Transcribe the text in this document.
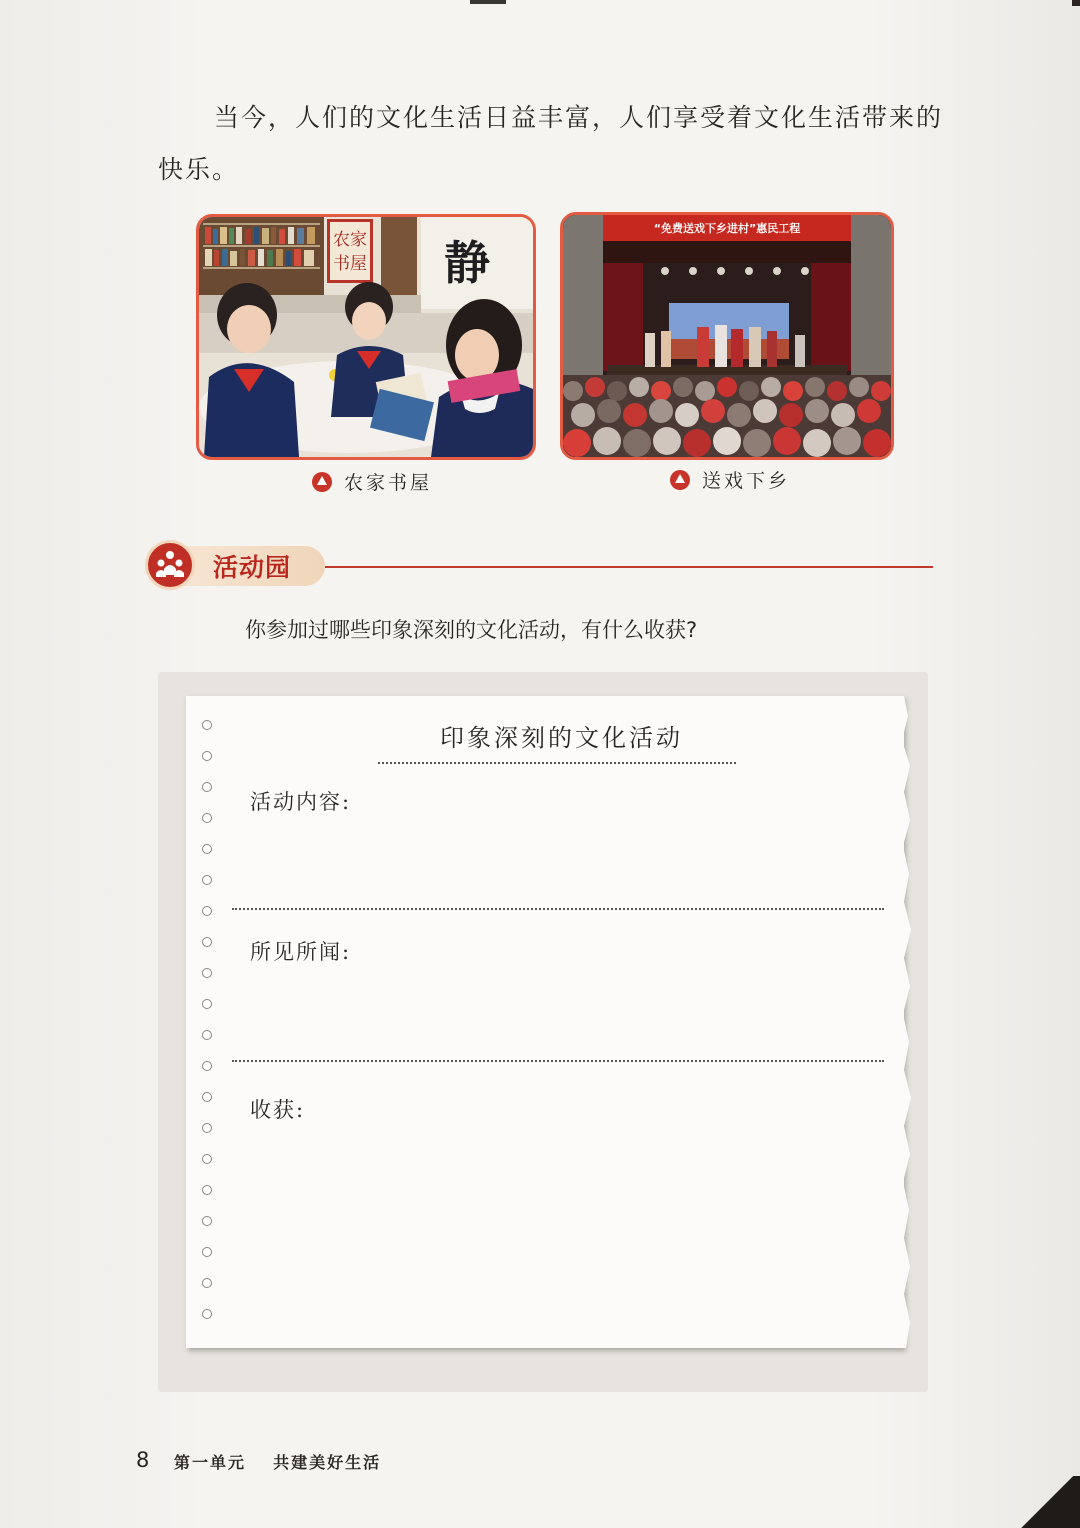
当今，人们的文化生活日益丰富，人们享受着文化生活带来的快乐。

农家
书屋 静
“免费送戏下乡进村”惠民工程
农家书屋	送戏下乡
活动园
你参加过哪些印象深刻的文化活动，有什么收获?
印象深刻的文化活动
活动内容:
所见所闻:
收获:
8 第一单元 共建美好生活
